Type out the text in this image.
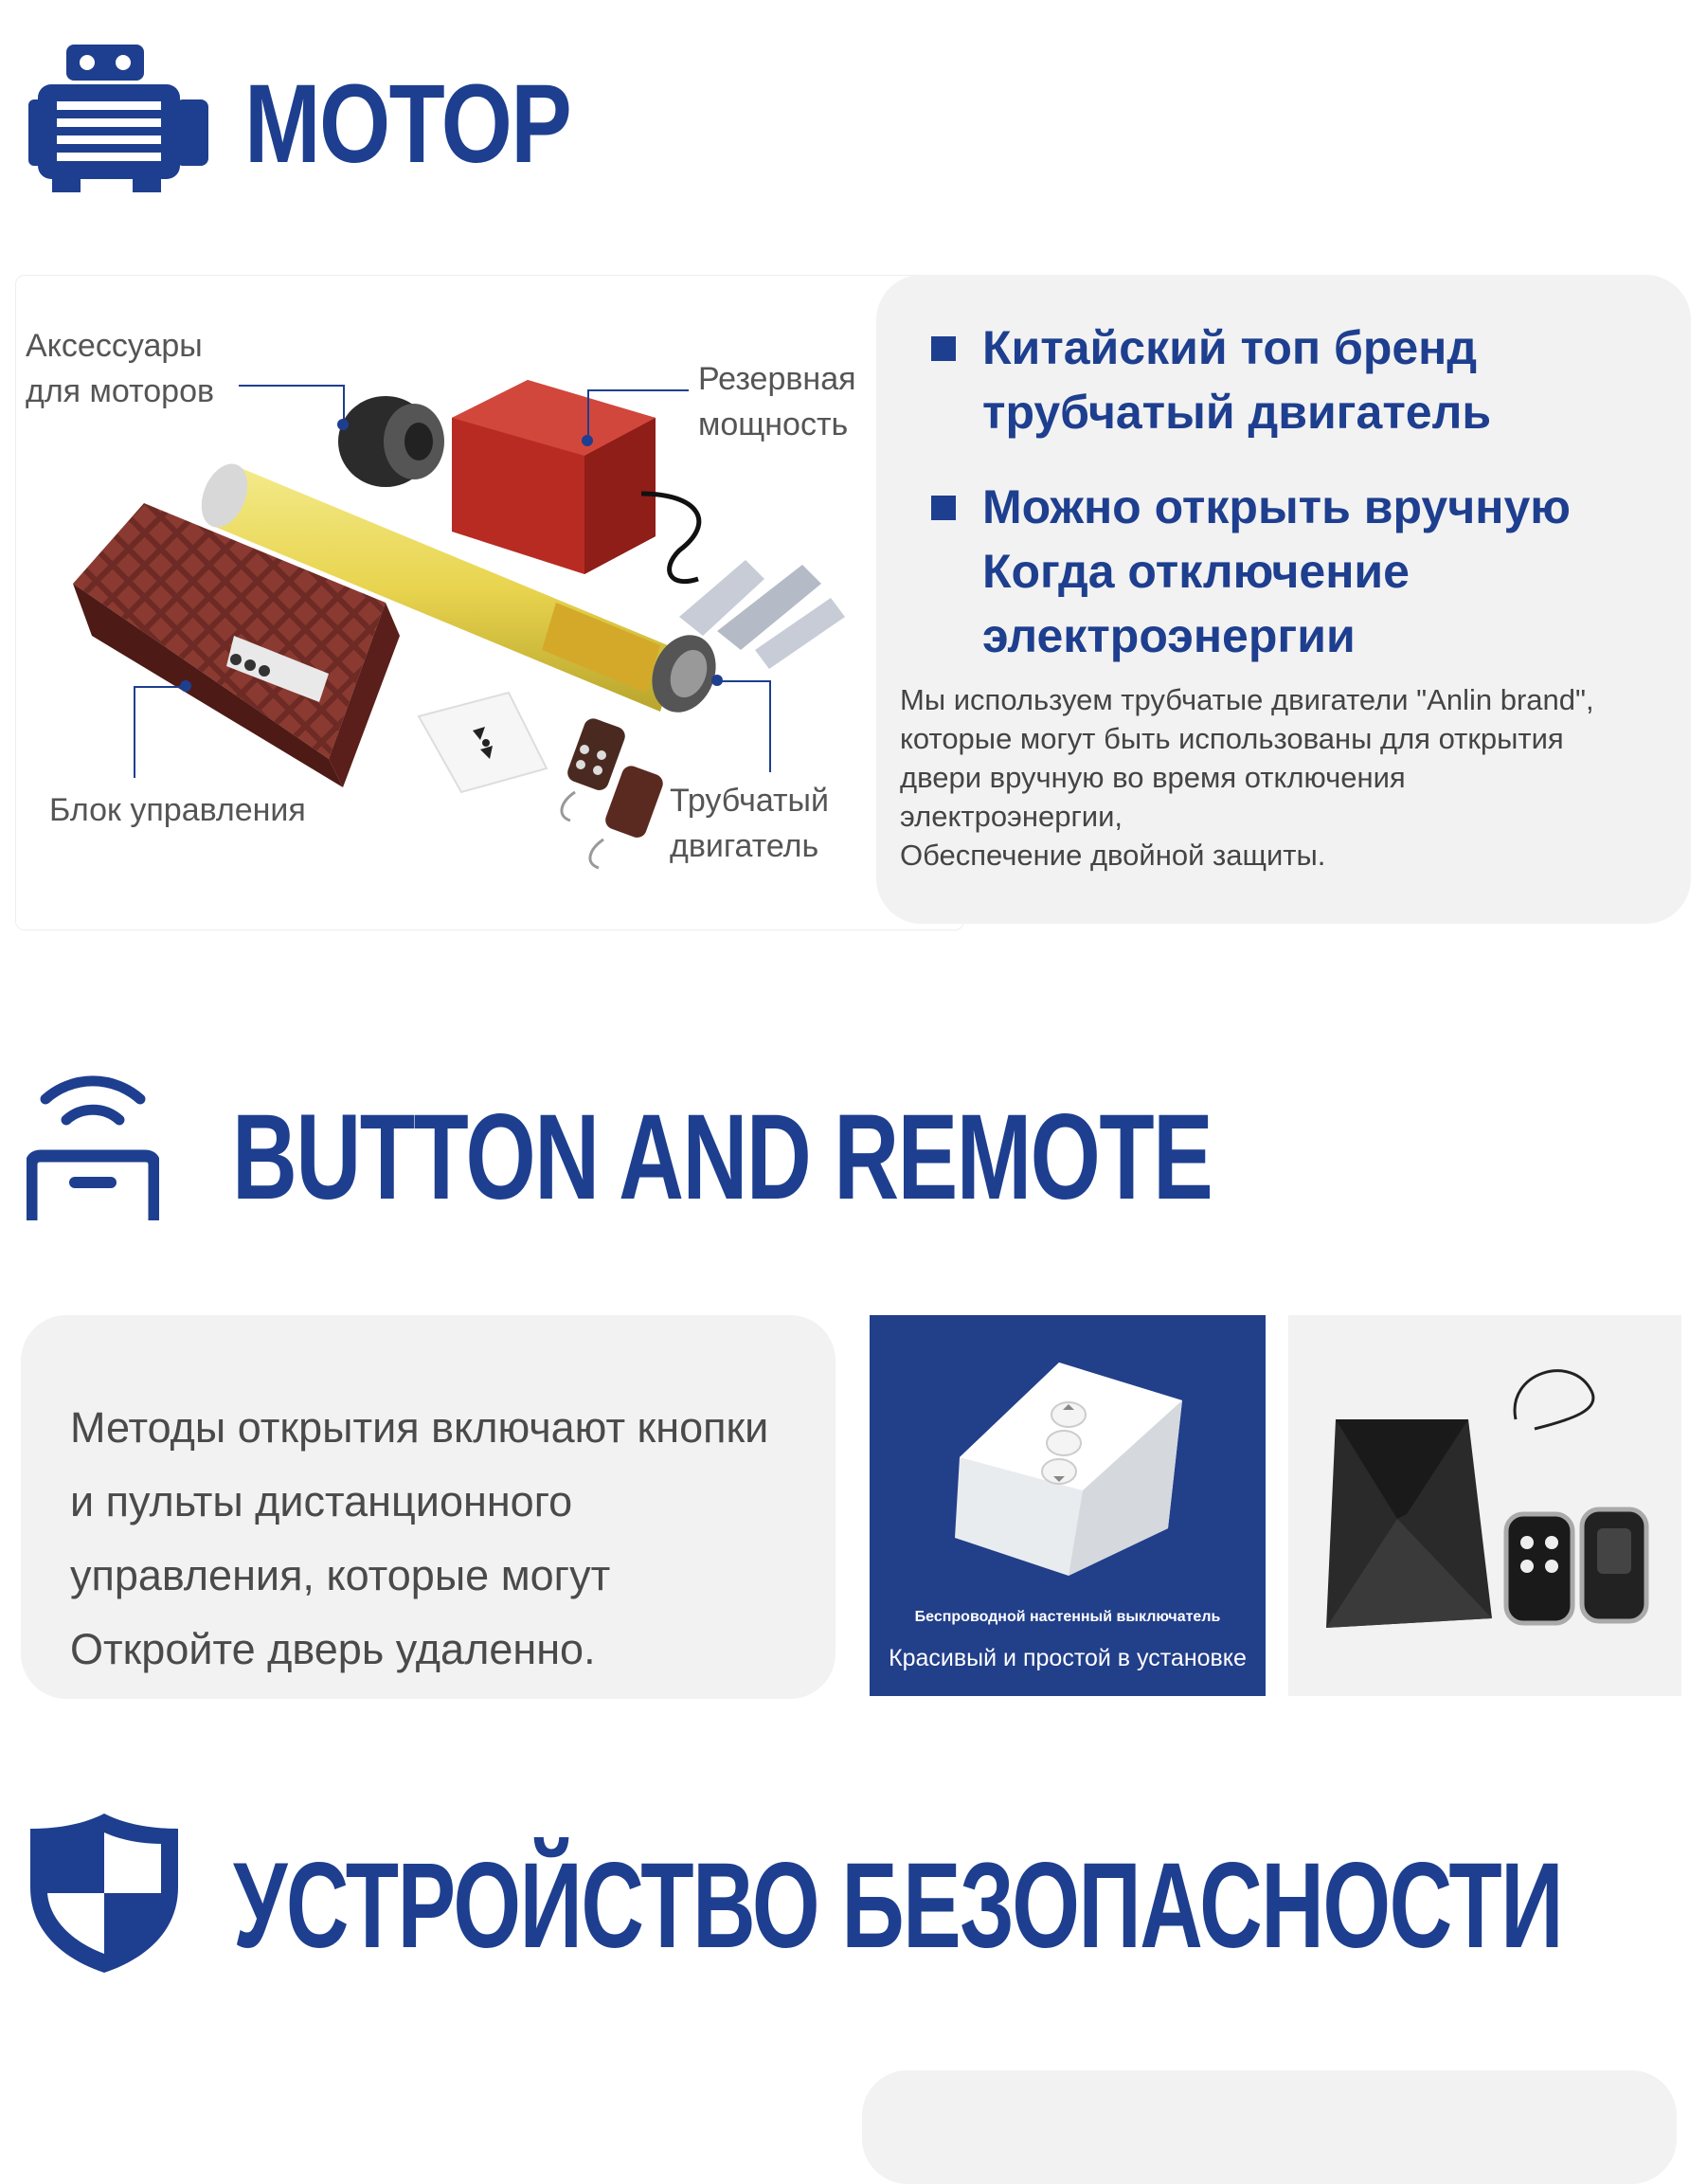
МОТОР
Аксессуары
для моторов	Резервная
мощность
Блок управления	Трубчатый
двигатель
Китайский топ бренд
трубчатый двигатель
Можно открыть вручную
Когда отключение
электроэнергии
Мы используем трубчатые двигатели "Anlin brand",
которые могут быть использованы для открытия
двери вручную во время отключения
электроэнергии,
Обеспечение двойной защиты.
BUTTON AND REMOTE
Методы открытия включают кнопки
и пульты дистанционного
управления, которые могут
Откройте дверь удаленно.
Беспроводной настенный выключатель
Красивый и простой в установке
УСТРОЙСТВО БЕЗОПАСНОСТИ
